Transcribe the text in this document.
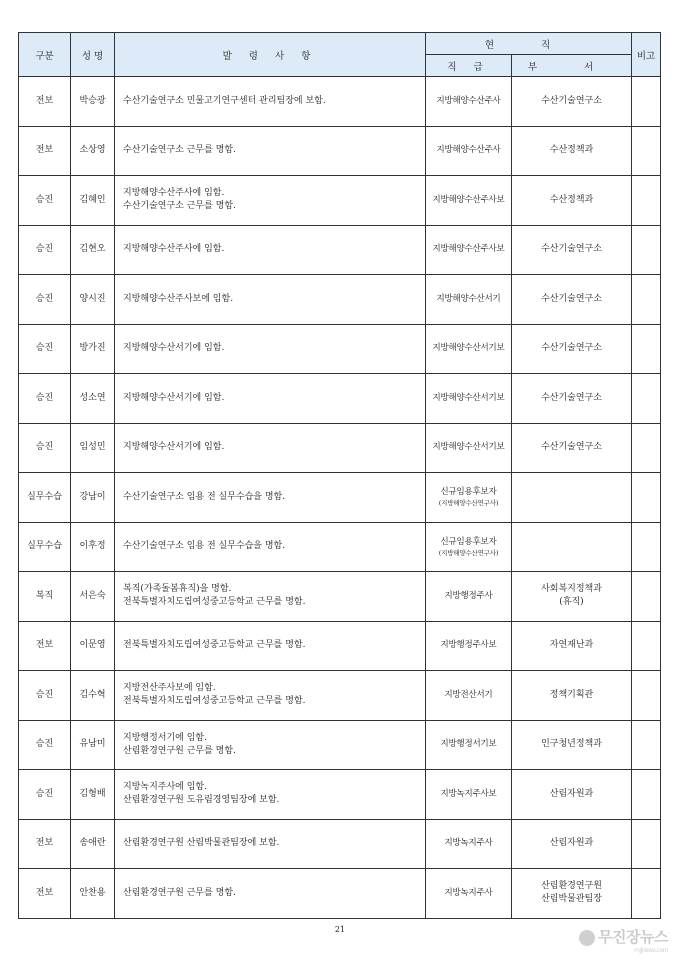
구분	성 명	발 령 사 항	현 직		비고
			직 급	부 서	
전보	박승광	수산기술연구소 민물고기연구센터 관리팀장에 보함.	지방해양수산주사	수산기술연구소	

전보	소상영	수산기술연구소 근무를 명함.	지방해양수산주사	수산정책과	

승진	김혜인	지방해양수산주사에 임함.
수산기술연구소 근무를 명함.	지방해양수산주사보	수산정책과	

승진	김현오	지방해양수산주사에 임함.	지방해양수산주사보	수산기술연구소	

승진	양시진	지방해양수산주사보에 임함.	지방해양수산서기	수산기술연구소	

승진	방가진	지방해양수산서기에 임함.	지방해양수산서기보	수산기술연구소	

승진	성소연	지방해양수산서기에 임함.	지방해양수산서기보	수산기술연구소	

승진	임성민	지방해양수산서기에 임함.	지방해양수산서기보	수산기술연구소	

실무수습	강남이	수산기술연구소 임용 전 실무수습을 명함.	신규임용후보자
(지방해양수산연구사)		

실무수습	이후정	수산기술연구소 임용 전 실무수습을 명함.	신규임용후보자
(지방해양수산연구사)		

복직	서은숙	복직(가족돌봄휴직)을 명함.
전북특별자치도립여성중고등학교 근무를 명함.	지방행정주사	사회복지정책과
(휴직)	

전보	이문영	전북특별자치도립여성중고등학교 근무를 명함.	지방행정주사보	자연재난과	

승진	김수혁	지방전산주사보에 임함.
전북특별자치도립여성중고등학교 근무를 명함.	지방전산서기	정책기획관	

승진	유남미	지방행정서기에 임함.
산림환경연구원 근무를 명함.	지방행정서기보	인구청년정책과	

승진	김형배	지방녹지주사에 임함.
산림환경연구원 도유림경영팀장에 보함.	지방녹지주사보	산림자원과	

전보	송애란	산림환경연구원 산림박물관팀장에 보함.	지방녹지주사	산림자원과	

전보	안찬용	산림환경연구원 근무를 명함.	지방녹지주사	산림환경연구원
산림박물관팀장	

21	무진장뉴스
mjjnews.com
